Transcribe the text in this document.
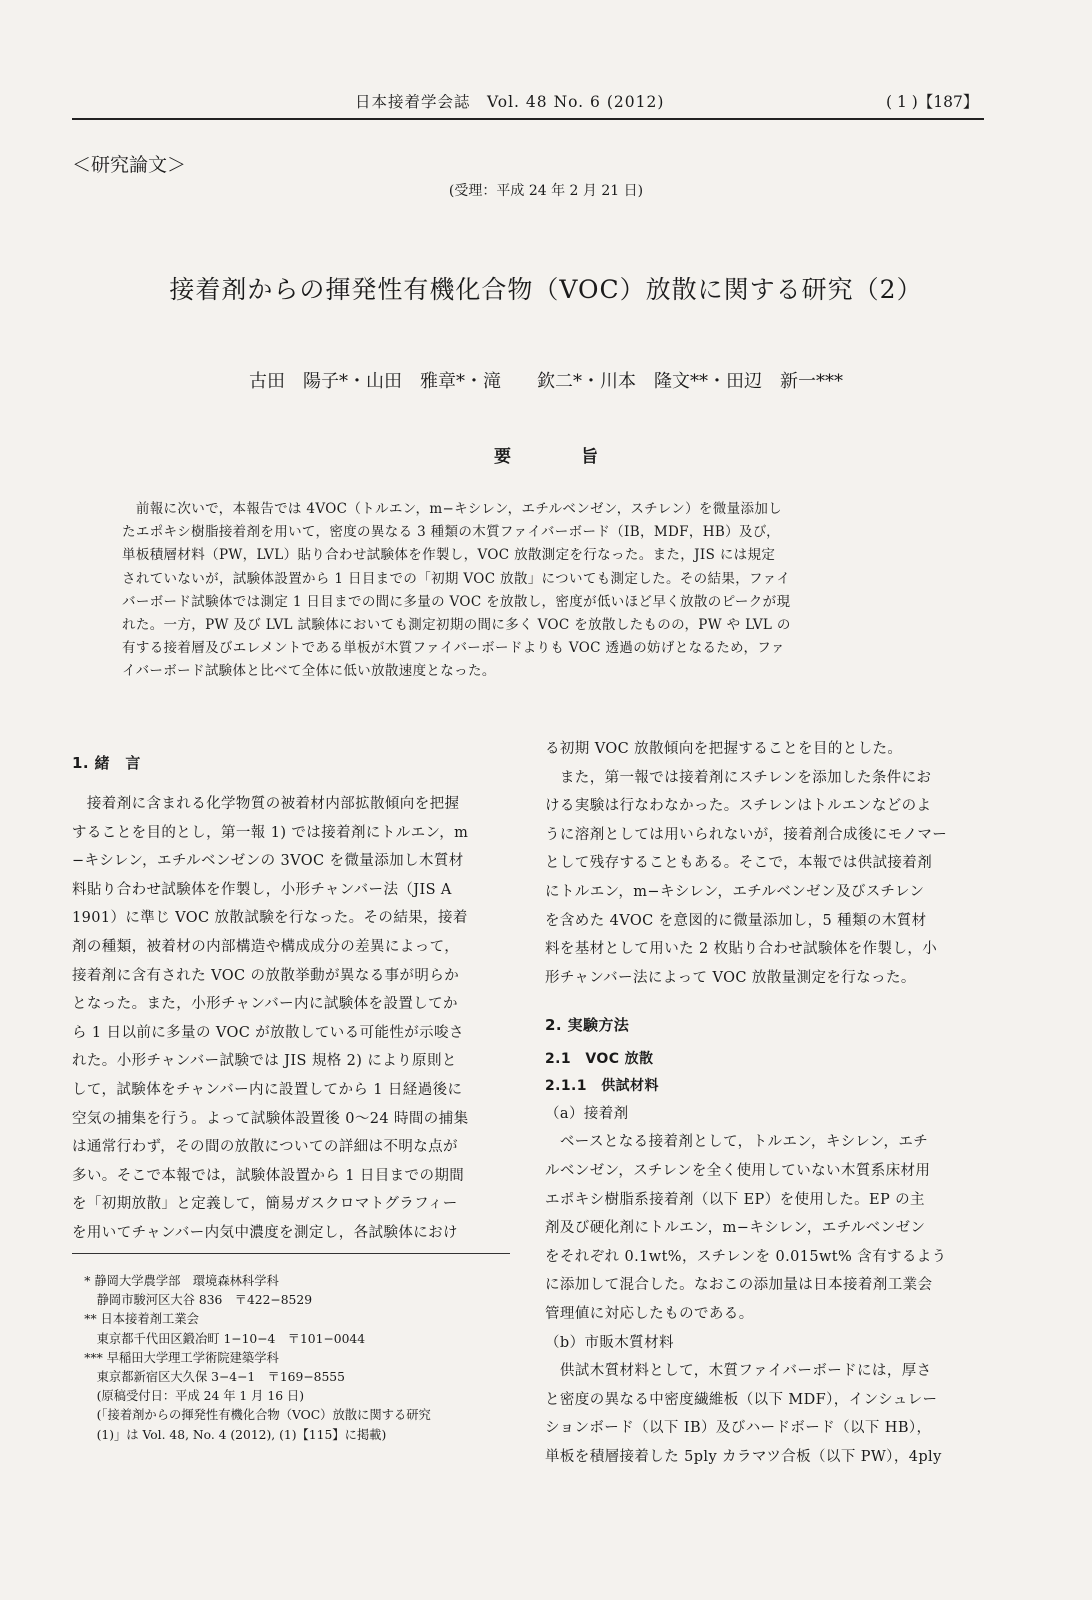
日本接着学会誌　Vol. 48 No. 6 (2012)	( 1 )【187】
＜研究論文＞
(受理：平成 24 年 2 月 21 日)
接着剤からの揮発性有機化合物（VOC）放散に関する研究（2）
古田　陽子*・山田　雅章*・滝　　欽二*・川本　隆文**・田辺　新一***
要旨
　前報に次いで，本報告では 4VOC（トルエン，m−キシレン，エチルベンゼン，スチレン）を微量添加し
たエポキシ樹脂接着剤を用いて，密度の異なる 3 種類の木質ファイバーボード（IB，MDF，HB）及び，
単板積層材料（PW，LVL）貼り合わせ試験体を作製し，VOC 放散測定を行なった。また，JIS には規定
されていないが，試験体設置から 1 日目までの「初期 VOC 放散」についても測定した。その結果，ファイ
バーボード試験体では測定 1 日目までの間に多量の VOC を放散し，密度が低いほど早く放散のピークが現
れた。一方，PW 及び LVL 試験体においても測定初期の間に多く VOC を放散したものの，PW や LVL の
有する接着層及びエレメントである単板が木質ファイバーボードよりも VOC 透過の妨げとなるため，ファ
イバーボード試験体と比べて全体に低い放散速度となった。
1. 緒　言
　接着剤に含まれる化学物質の被着材内部拡散傾向を把握
することを目的とし，第一報 1) では接着剤にトルエン，m
−キシレン，エチルベンゼンの 3VOC を微量添加し木質材
料貼り合わせ試験体を作製し，小形チャンバー法（JIS A
1901）に準じ VOC 放散試験を行なった。その結果，接着
剤の種類，被着材の内部構造や構成成分の差異によって，
接着剤に含有された VOC の放散挙動が異なる事が明らか
となった。また，小形チャンバー内に試験体を設置してか
ら 1 日以前に多量の VOC が放散している可能性が示唆さ
れた。小形チャンバー試験では JIS 規格 2) により原則と
して，試験体をチャンバー内に設置してから 1 日経過後に
空気の捕集を行う。よって試験体設置後 0〜24 時間の捕集
は通常行わず，その間の放散についての詳細は不明な点が
多い。そこで本報では，試験体設置から 1 日目までの期間
を「初期放散」と定義して，簡易ガスクロマトグラフィー
を用いてチャンバー内気中濃度を測定し，各試験体におけ
　* 静岡大学農学部　環境森林科学科
　　静岡市駿河区大谷 836　〒422−8529
　** 日本接着剤工業会
　　東京都千代田区鍛冶町 1−10−4　〒101−0044
　*** 早稲田大学理工学術院建築学科
　　東京都新宿区大久保 3−4−1　〒169−8555
　　(原稿受付日：平成 24 年 1 月 16 日)
　　(「接着剤からの揮発性有機化合物（VOC）放散に関する研究
　　(1)」は Vol. 48, No. 4 (2012), (1)【115】に掲載)
る初期 VOC 放散傾向を把握することを目的とした。
　また，第一報では接着剤にスチレンを添加した条件にお
ける実験は行なわなかった。スチレンはトルエンなどのよ
うに溶剤としては用いられないが，接着剤合成後にモノマー
として残存することもある。そこで，本報では供試接着剤
にトルエン，m−キシレン，エチルベンゼン及びスチレン
を含めた 4VOC を意図的に微量添加し，5 種類の木質材
料を基材として用いた 2 枚貼り合わせ試験体を作製し，小
形チャンバー法によって VOC 放散量測定を行なった。
2. 実験方法
2.1　VOC 放散
2.1.1　供試材料
（a）接着剤
　ベースとなる接着剤として，トルエン，キシレン，エチ
ルベンゼン，スチレンを全く使用していない木質系床材用
エポキシ樹脂系接着剤（以下 EP）を使用した。EP の主
剤及び硬化剤にトルエン，m−キシレン，エチルベンゼン
をそれぞれ 0.1wt%，スチレンを 0.015wt% 含有するよう
に添加して混合した。なおこの添加量は日本接着剤工業会
管理値に対応したものである。
（b）市販木質材料
　供試木質材料として，木質ファイバーボードには，厚さ
と密度の異なる中密度繊維板（以下 MDF），インシュレー
ションボード（以下 IB）及びハードボード（以下 HB），
単板を積層接着した 5ply カラマツ合板（以下 PW），4ply
